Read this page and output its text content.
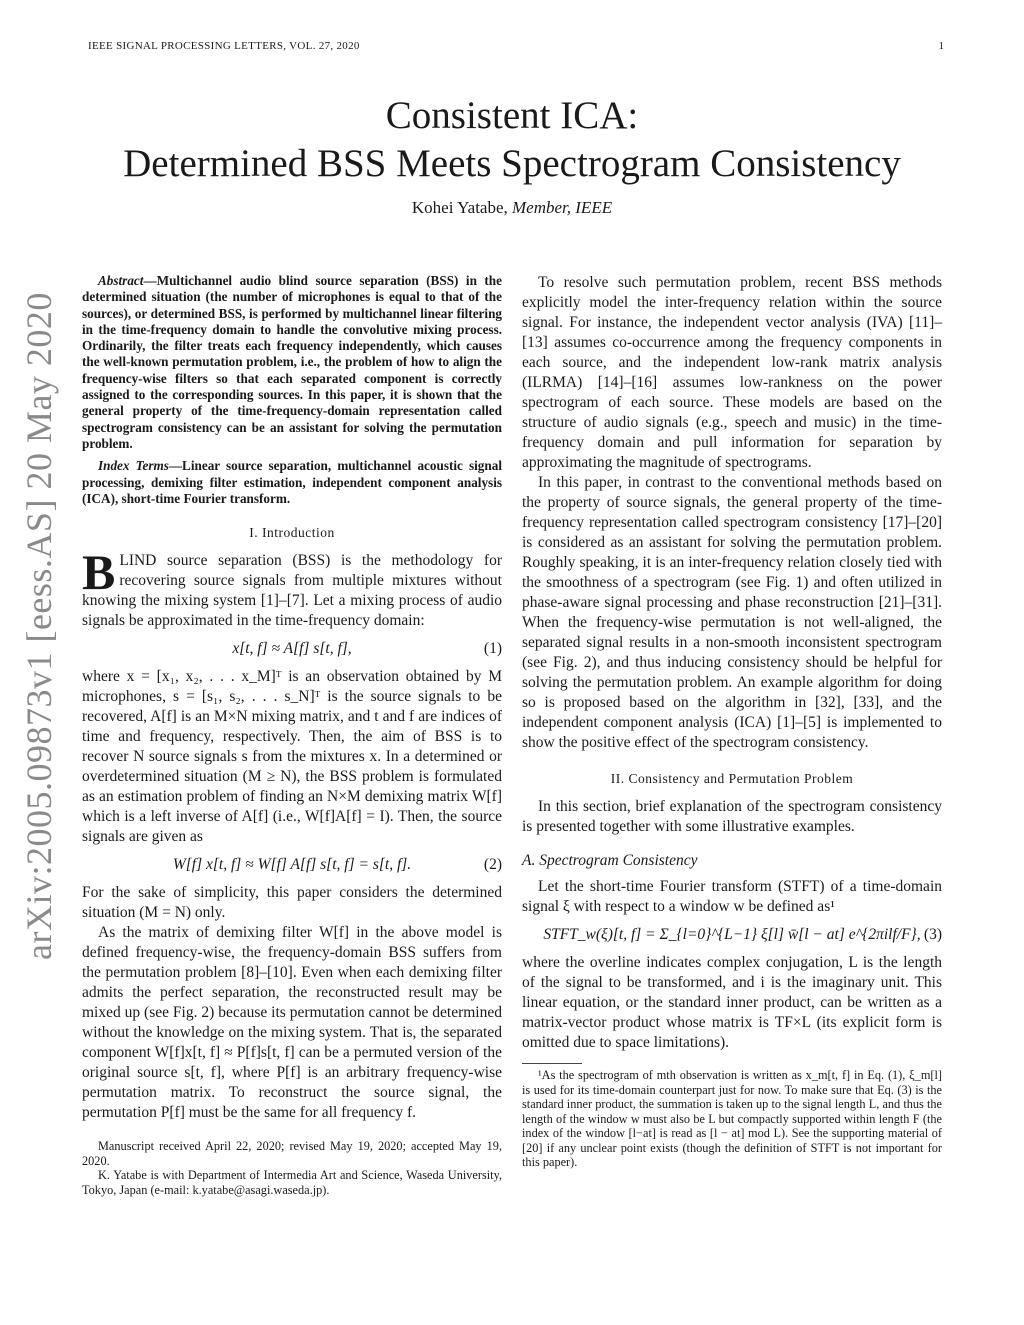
IEEE SIGNAL PROCESSING LETTERS, VOL. 27, 2020	1
arXiv:2005.09873v1 [eess.AS] 20 May 2020
Consistent ICA:
Determined BSS Meets Spectrogram Consistency
Kohei Yatabe, Member, IEEE

Abstract—Multichannel audio blind source separation (BSS) in the determined situation (the number of microphones is equal to that of the sources), or determined BSS, is performed by multichannel linear filtering in the time-frequency domain to handle the convolutive mixing process. Ordinarily, the filter treats each frequency independently, which causes the well-known permutation problem, i.e., the problem of how to align the frequency-wise filters so that each separated component is correctly assigned to the corresponding sources. In this paper, it is shown that the general property of the time-frequency-domain representation called spectrogram consistency can be an assistant for solving the permutation problem.

Index Terms—Linear source separation, multichannel acoustic signal processing, demixing filter estimation, independent component analysis (ICA), short-time Fourier transform.

I. Introduction

BLIND source separation (BSS) is the methodology for recovering source signals from multiple mixtures without knowing the mixing system [1]–[7]. Let a mixing process of audio signals be approximated in the time-frequency domain:

x[t, f] ≈ A[f] s[t, f],	(1)

where x = [x₁, x₂, . . . x_M]ᵀ is an observation obtained by M microphones, s = [s₁, s₂, . . . s_N]ᵀ is the source signals to be recovered, A[f] is an M×N mixing matrix, and t and f are indices of time and frequency, respectively. Then, the aim of BSS is to recover N source signals s from the mixtures x. In a determined or overdetermined situation (M ≥ N), the BSS problem is formulated as an estimation problem of finding an N×M demixing matrix W[f] which is a left inverse of A[f] (i.e., W[f]A[f] = I). Then, the source signals are given as

W[f] x[t, f] ≈ W[f] A[f] s[t, f] = s[t, f].	(2)

For the sake of simplicity, this paper considers the determined situation (M = N) only.

As the matrix of demixing filter W[f] in the above model is defined frequency-wise, the frequency-domain BSS suffers from the permutation problem [8]–[10]. Even when each demixing filter admits the perfect separation, the reconstructed result may be mixed up (see Fig. 2) because its permutation cannot be determined without the knowledge on the mixing system. That is, the separated component W[f]x[t, f] ≈ P[f]s[t, f] can be a permuted version of the original source s[t, f], where P[f] is an arbitrary frequency-wise permutation matrix. To reconstruct the source signal, the permutation P[f] must be the same for all frequency f.

Manuscript received April 22, 2020; revised May 19, 2020; accepted May 19, 2020.

K. Yatabe is with Department of Intermedia Art and Science, Waseda University, Tokyo, Japan (e-mail: k.yatabe@asagi.waseda.jp).

To resolve such permutation problem, recent BSS methods explicitly model the inter-frequency relation within the source signal. For instance, the independent vector analysis (IVA) [11]–[13] assumes co-occurrence among the frequency components in each source, and the independent low-rank matrix analysis (ILRMA) [14]–[16] assumes low-rankness on the power spectrogram of each source. These models are based on the structure of audio signals (e.g., speech and music) in the time-frequency domain and pull information for separation by approximating the magnitude of spectrograms.

In this paper, in contrast to the conventional methods based on the property of source signals, the general property of the time-frequency representation called spectrogram consistency [17]–[20] is considered as an assistant for solving the permutation problem. Roughly speaking, it is an inter-frequency relation closely tied with the smoothness of a spectrogram (see Fig. 1) and often utilized in phase-aware signal processing and phase reconstruction [21]–[31]. When the frequency-wise permutation is not well-aligned, the separated signal results in a non-smooth inconsistent spectrogram (see Fig. 2), and thus inducing consistency should be helpful for solving the permutation problem. An example algorithm for doing so is proposed based on the algorithm in [32], [33], and the independent component analysis (ICA) [1]–[5] is implemented to show the positive effect of the spectrogram consistency.

II. Consistency and Permutation Problem

In this section, brief explanation of the spectrogram consistency is presented together with some illustrative examples.

A. Spectrogram Consistency

Let the short-time Fourier transform (STFT) of a time-domain signal ξ with respect to a window w be defined as¹

STFT_w(ξ)[t, f] = Σ_{l=0}^{L−1} ξ[l] w̄[l − at] e^{2πilf/F}, (3)

where the overline indicates complex conjugation, L is the length of the signal to be transformed, and i is the imaginary unit. This linear equation, or the standard inner product, can be written as a matrix-vector product whose matrix is TF×L (its explicit form is omitted due to space limitations).

¹As the spectrogram of mth observation is written as x_m[t, f] in Eq. (1), ξ_m[l] is used for its time-domain counterpart just for now. To make sure that Eq. (3) is the standard inner product, the summation is taken up to the signal length L, and thus the length of the window w must also be L but compactly supported within length F (the index of the window [l−at] is read as [l − at] mod L). See the supporting material of [20] if any unclear point exists (though the definition of STFT is not important for this paper).
